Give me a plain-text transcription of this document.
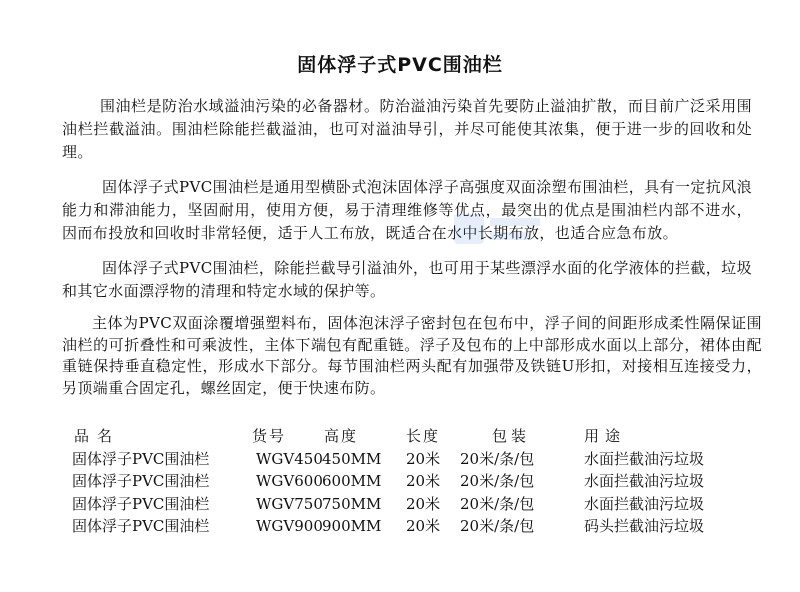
固体浮子式PVC围油栏

围油栏是防治水域溢油污染的必备器材。防治溢油污染首先要防止溢油扩散，而目前广泛采用围油栏拦截溢油。围油栏除能拦截溢油，也可对溢油导引，并尽可能使其浓集，便于进一步的回收和处理。

固体浮子式PVC围油栏是通用型横卧式泡沫固体浮子高强度双面涂塑布围油栏，具有一定抗风浪能力和滞油能力，坚固耐用，使用方便，易于清理维修等优点，最突出的优点是围油栏内部不进水，因而布投放和回收时非常轻便，适于人工布放，既适合在水中长期布放，也适合应急布放。

固体浮子式PVC围油栏，除能拦截导引溢油外，也可用于某些漂浮水面的化学液体的拦截，垃圾和其它水面漂浮物的清理和特定水域的保护等。

主体为PVC双面涂覆增强塑料布，固体泡沫浮子密封包在包布中，浮子间的间距形成柔性隔保证围油栏的可折叠性和可乘波性，主体下端包有配重链。浮子及包布的上中部形成水面以上部分，裙体由配重链保持垂直稳定性，形成水下部分。每节围油栏两头配有加强带及铁链U形扣，对接相互连接受力，另顶端重合固定孔，螺丝固定，便于快速布防。

品名	货号	高度	长度	包装	用途
固体浮子PVC围油栏	WGV450 450MM 20米 20米/条/包	水面拦截油污垃圾
固体浮子PVC围油栏	WGV600 600MM 20米 20米/条/包	水面拦截油污垃圾
固体浮子PVC围油栏	WGV750 750MM 20米 20米/条/包	水面拦截油污垃圾
固体浮子PVC围油栏	WGV900 900MM 20米 20米/条/包	码头拦截油污垃圾
